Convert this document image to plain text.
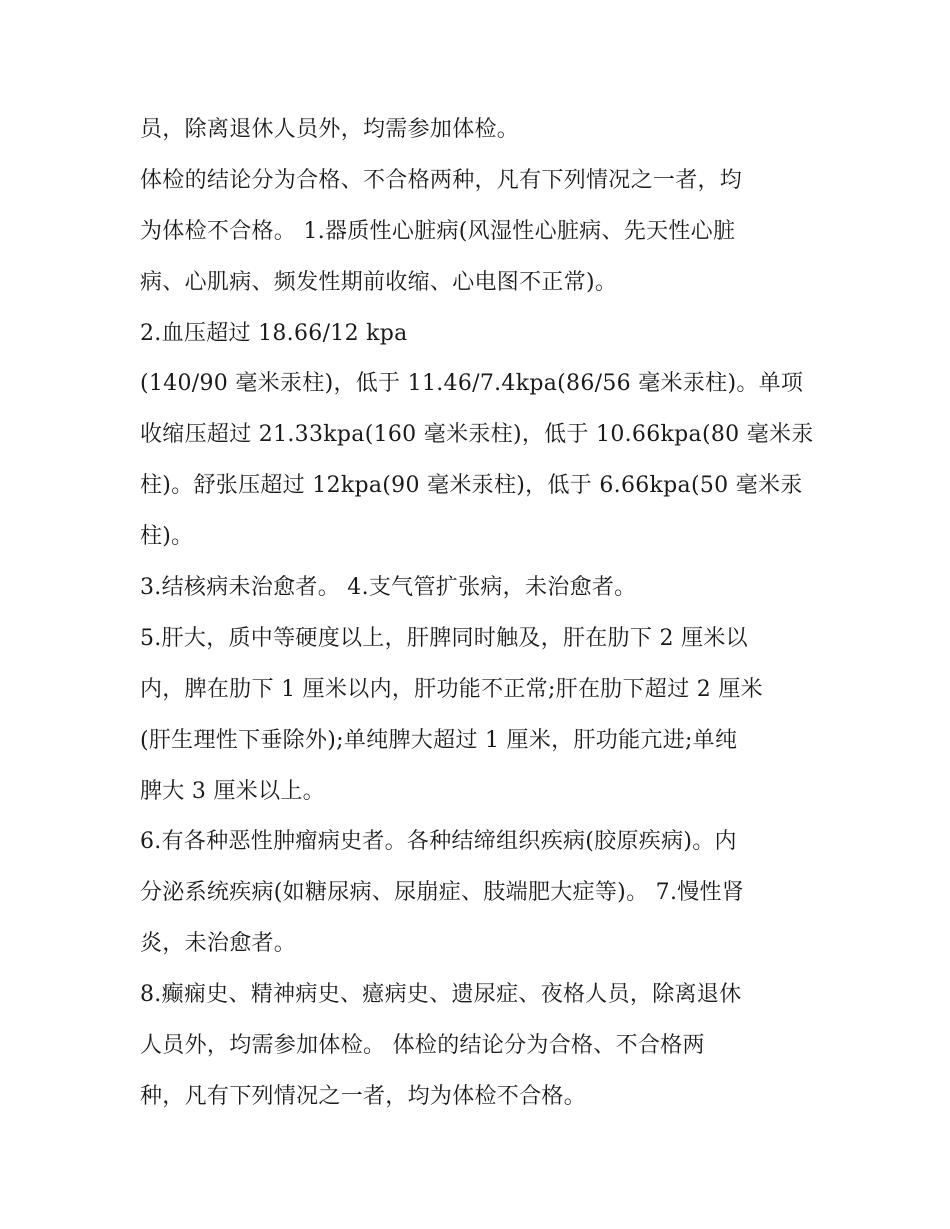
员，除离退休人员外，均需参加体检。
体检的结论分为合格、不合格两种，凡有下列情况之一者，均
为体检不合格。 1.器质性心脏病(风湿性心脏病、先天性心脏
病、心肌病、频发性期前收缩、心电图不正常)。
2.血压超过 18.66/12 kpa
(140/90 毫米汞柱)，低于 11.46/7.4kpa(86/56 毫米汞柱)。单项
收缩压超过 21.33kpa(160 毫米汞柱)，低于 10.66kpa(80 毫米汞
柱)。舒张压超过 12kpa(90 毫米汞柱)，低于 6.66kpa(50 毫米汞
柱)。
3.结核病未治愈者。 4.支气管扩张病，未治愈者。
5.肝大，质中等硬度以上，肝脾同时触及，肝在肋下 2 厘米以
内，脾在肋下 1 厘米以内，肝功能不正常;肝在肋下超过 2 厘米
(肝生理性下垂除外);单纯脾大超过 1 厘米，肝功能亢进;单纯
脾大 3 厘米以上。
6.有各种恶性肿瘤病史者。各种结缔组织疾病(胶原疾病)。内
分泌系统疾病(如糖尿病、尿崩症、肢端肥大症等)。 7.慢性肾
炎，未治愈者。
8.癫痫史、精神病史、癔病史、遗尿症、夜格人员，除离退休
人员外，均需参加体检。 体检的结论分为合格、不合格两
种，凡有下列情况之一者，均为体检不合格。
